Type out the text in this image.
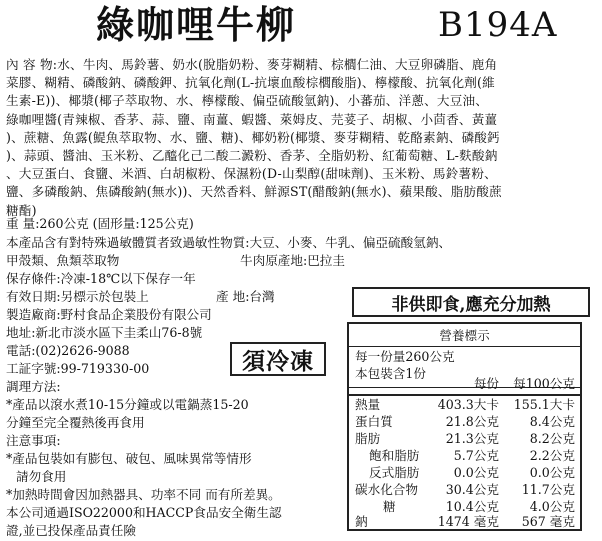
綠咖哩牛柳	B194A
內 容 物:水、牛肉、馬鈴薯、奶水(脫脂奶粉、麥芽糊精、棕櫚仁油、大豆卵磷脂、鹿角
菜膠、糊精、磷酸鈉、磷酸鉀、抗氧化劑(L-抗壞血酸棕櫚酸脂)、檸檬酸、抗氧化劑(維
生素-E))、椰漿(椰子萃取物、水、檸檬酸、偏亞硫酸氫鈉)、小蕃茄、洋蔥、大豆油、
綠咖哩醬(青辣椒、香茅、蒜、鹽、南薑、蝦醬、萊姆皮、芫荽子、胡椒、小茴香、黃薑
)、蔗糖、魚露(鯷魚萃取物、水、鹽、糖)、椰奶粉(椰漿、麥芽糊精、乾酪素鈉、磷酸鈣
)、蒜頭、醬油、玉米粉、乙醯化己二酸二澱粉、香茅、全脂奶粉、紅葡萄糖、L-麩酸鈉
、大豆蛋白、食鹽、米酒、白胡椒粉、保濕粉(D-山梨醇(甜味劑)、玉米粉、馬鈴薯粉、
鹽、多磷酸鈉、焦磷酸鈉(無水))、天然香料、鮮源ST(醋酸鈉(無水)、蘋果酸、脂肪酸蔗
糖酯)
重 量:260公克 (固形量:125公克)
本產品含有對特殊過敏體質者致過敏性物質:大豆、小麥、牛乳、偏亞硫酸氫鈉、
甲殼類、魚類萃取物	牛肉原產地:巴拉圭
保存條件:冷凍-18℃以下保存一年
有效日期:另標示於包裝上	產 地:台灣
製造廠商:野村食品企業股份有限公司
地址:新北市淡水區下圭柔山76-8號
電話:(02)2626-9088
工証字號:99-719330-00
非供即食,應充分加熱
須冷凍
調理方法:
*產品以滾水煮10-15分鐘或以電鍋蒸15-20
分鐘至完全覆熱後再食用
注意事項:
*產品包裝如有膨包、破包、風味異常等情形
請勿食用
*加熱時間會因加熱器具、功率不同 而有所差異。
本公司通過ISO22000和HACCP食品安全衛生認
證,並已投保產品責任險
營養標示
每一份量260公克
本包裝含1份
每份	每100公克
熱量	403.3大卡	155.1大卡
蛋白質	21.8公克	8.4公克
脂肪	21.3公克	8.2公克
飽和脂肪	5.7公克	2.2公克
反式脂肪	0.0公克	0.0公克
碳水化合物	30.4公克	11.7公克
糖	10.4公克	4.0公克
鈉	1474 毫克	567 毫克
